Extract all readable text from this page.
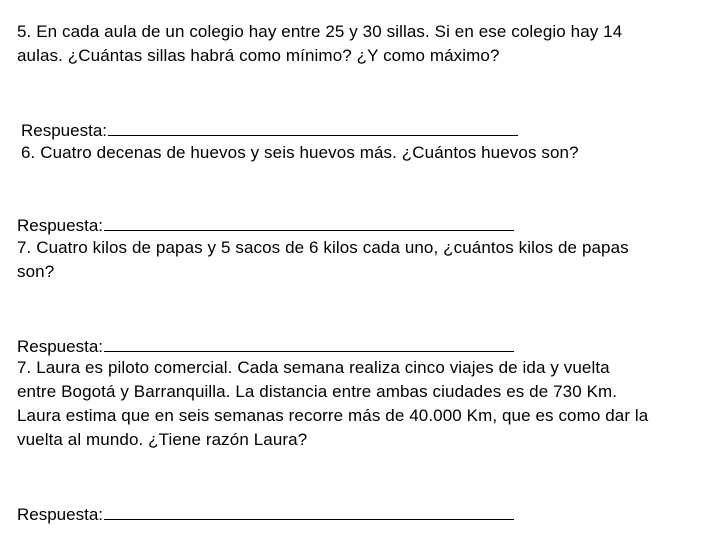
5. En cada aula de un colegio hay entre 25 y 30 sillas. Si en ese colegio hay 14
aulas. ¿Cuántas sillas habrá como mínimo? ¿Y como máximo?
Respuesta:
6. Cuatro decenas de huevos y seis huevos más. ¿Cuántos huevos son?
Respuesta:
7. Cuatro kilos de papas y 5 sacos de 6 kilos cada uno, ¿cuántos kilos de papas
son?
Respuesta:
7. Laura es piloto comercial. Cada semana realiza cinco viajes de ida y vuelta
entre Bogotá y Barranquilla. La distancia entre ambas ciudades es de 730 Km.
Laura estima que en seis semanas recorre más de 40.000 Km, que es como dar la
vuelta al mundo. ¿Tiene razón Laura?
Respuesta:
